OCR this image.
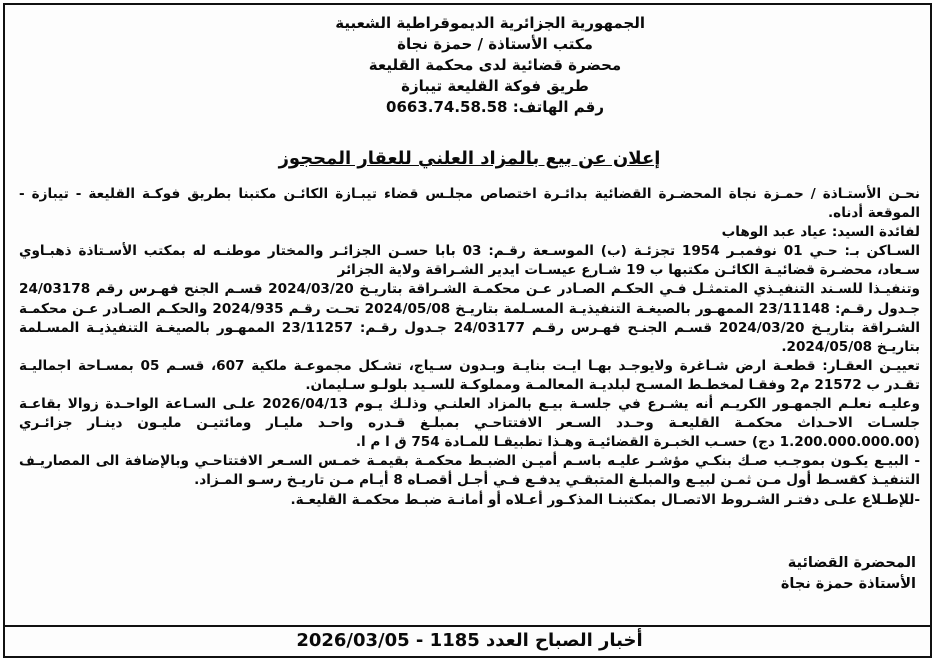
الجمهورية الجزائرية الديموقراطية الشعبية
مكتب الأستاذة / حمزة نجاة
محضرة قضائية لدى محكمة القليعة
طريق فوكة القليعة تيبازة
رقم الهاتف: 0663.74.58.58
إعلان عن بيع بالمزاد العلني للعقار المحجوز

نحـن الأستـاذة / حمـزة نجاة المحضـرة القضائية بدائـرة اختصاص مجلـس قضاء تيبـازة الكائـن مكتبنا بطريق فوكـة القليعة - تيبازة - الموقعة أدناه.

لفائدة السيد: عياد عبد الوهاب

السـاكن بـ: حـي 01 نوفمبـر 1954 تجزئـة (ب) الموسـعة رقـم: 03 بابا حسـن الجزائـر والمختار موطنـه له بمكتب الأسـتاذة ذهبـاوي سـعاد، محضـرة قضائيـة الكائـن مكتبها ب 19 شـارع عيسـات ايدير الشـراقة ولاية الجزائر

وتنفيـذا للسـند التنفيـذي المتمثـل فـي الحكـم الصـادر عـن محكمـة الشـراقة بتاريـخ 2024/03/20 قسـم الجنح فهـرس رقم 24/03178 جـدول رقـم: 23/11148 الممهـور بالصيغـة التنفيذيـة المسـلمة بتاريـخ 2024/05/08 تحـت رقـم 2024/935 والحكـم الصـادر عـن محكمـة الشـراقة بتاريـخ 2024/03/20 قسـم الجنـح فهـرس رقـم 24/03177 جـدول رقـم: 23/11257 الممهـور بالصيغـة التنفيذيـة المسـلمة بتاريـخ 2024/05/08.

تعييـن العقـار: قطعـة ارض شـاغرة ولايوجـد بهـا ايـت بنايـة وبـدون سـياج، تشـكل مجموعـة ملكية 607، قسـم 05 بمسـاحة اجماليـة تقـدر ب 21572 م2 وفقـا لمخطـط المسـح لبلديـة المعالمـة ومملوكـة للسـيد بلولـو سـليمان.

وعليـه نعلـم الجمهـور الكريـم أنه يشـرع في جلسـة بيـع بالمزاد العلنـي وذلـك يـوم 2026/04/13 علـى السـاعة الواحـدة زوالا بقاعـة جلسـات الاحـداث محكمـة القليعـة وحـدد السـعر الافتتاحـي بمبلـغ قـدره واحـد مليـار ومائتيـن مليـون دينـار جزائـري (1.200.000.000.00 دج) حسـب الخبـرة القضائيـة وهـذا تطبيقـا للمـادة 754 ق ا م ا.

- البيـع يكـون بموجـب صـك بنكـي مؤشـر عليـه باسـم أميـن الضبـط محكمـة بقيمـة خمـس السـعر الافتتاحـي وبالإضافة الى المصاريـف التنفيـذ كقسـط أول مـن ثمـن لبيـع والمبلـغ المتبقـي يدفـع فـي أجـل أقصـاه 8 أيـام مـن تاريـخ رسـو المـزاد.

-للإطـلاع علـى دفتـر الشـروط الاتصـال بمكتبنـا المذكـور أعـلاه أو أمانـة ضبـط محكمـة القليعـة.

المحضرة القضائية
الأستاذة حمزة نجاة
أخبار الصباح العدد 1185 - 2026/03/05
